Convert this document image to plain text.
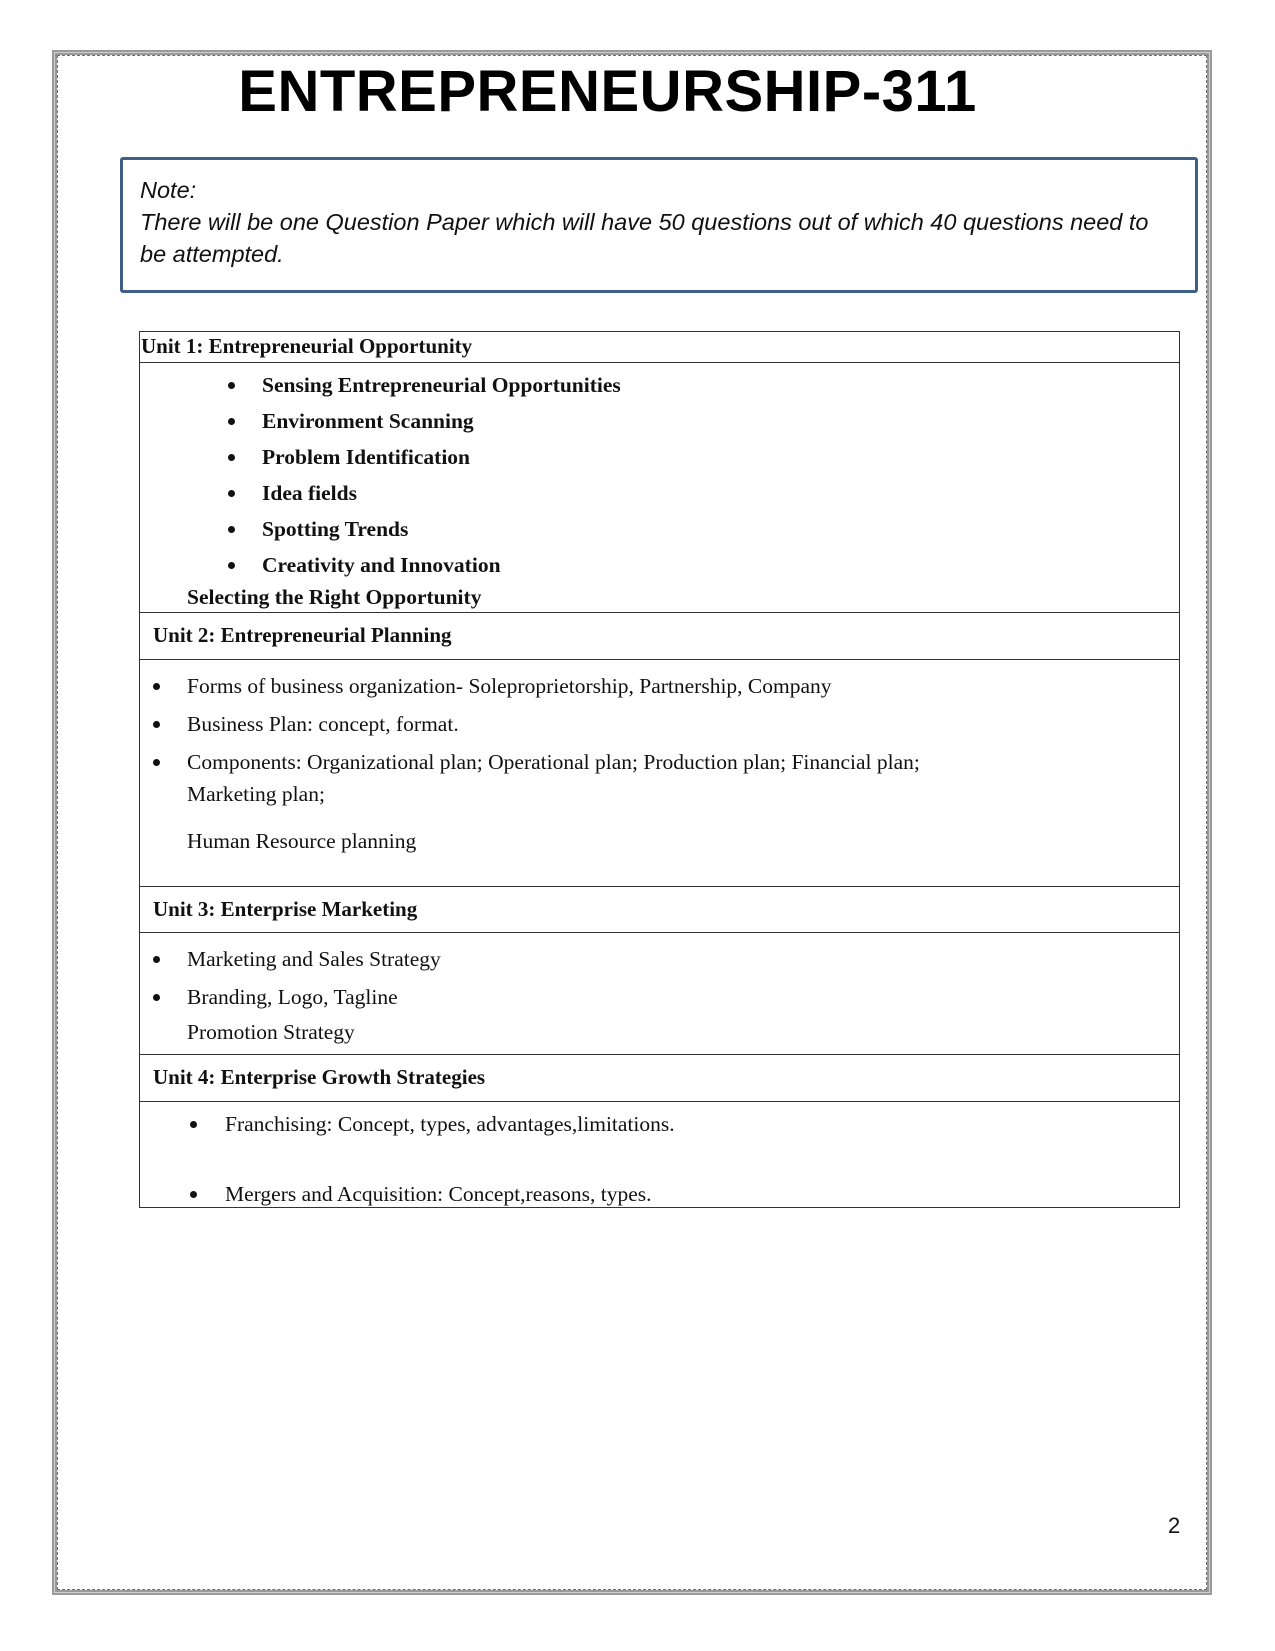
ENTREPRENEURSHIP-311

Note:

There will be one Question Paper which will have 50 questions out of which 40 questions need to be attempted.

Unit 1: Entrepreneurial Opportunity
Sensing Entrepreneurial Opportunities
Environment Scanning
Problem Identification
Idea fields
Spotting Trends
Creativity and Innovation
Selecting the Right Opportunity
Unit 2: Entrepreneurial Planning
Forms of business organization- Soleproprietorship, Partnership, Company
Business Plan: concept, format.
Components: Organizational plan; Operational plan; Production plan; Financial plan; Marketing plan;
Human Resource planning
Unit 3: Enterprise Marketing
Marketing and Sales Strategy
Branding, Logo, Tagline
Promotion Strategy
Unit 4: Enterprise Growth Strategies
Franchising: Concept, types, advantages,limitations.
Mergers and Acquisition: Concept,reasons, types.
2
